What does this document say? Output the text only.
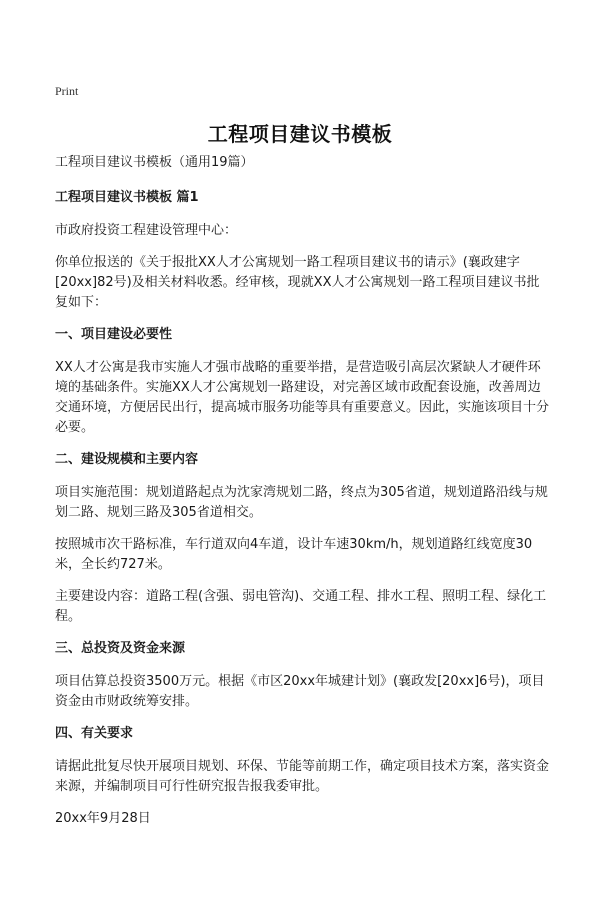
Print
工程项目建议书模板

工程项目建议书模板（通用19篇）

工程项目建议书模板 篇1

市政府投资工程建设管理中心：

你单位报送的《关于报批XX人才公寓规划一路工程项目建议书的请示》(襄政建字[20xx]82号)及相关材料收悉。经审核，现就XX人才公寓规划一路工程项目建议书批复如下：

一、项目建设必要性

XX人才公寓是我市实施人才强市战略的重要举措，是营造吸引高层次紧缺人才硬件环境的基础条件。实施XX人才公寓规划一路建设，对完善区域市政配套设施，改善周边交通环境，方便居民出行，提高城市服务功能等具有重要意义。因此，实施该项目十分必要。

二、建设规模和主要内容

项目实施范围：规划道路起点为沈家湾规划二路，终点为305省道，规划道路沿线与规划二路、规划三路及305省道相交。

按照城市次干路标准，车行道双向4车道，设计车速30km/h，规划道路红线宽度30米，全长约727米。

主要建设内容：道路工程(含强、弱电管沟)、交通工程、排水工程、照明工程、绿化工程。

三、总投资及资金来源

项目估算总投资3500万元。根据《市区20xx年城建计划》(襄政发[20xx]6号)，项目资金由市财政统筹安排。

四、有关要求

请据此批复尽快开展项目规划、环保、节能等前期工作，确定项目技术方案，落实资金来源，并编制项目可行性研究报告报我委审批。

20xx年9月28日
